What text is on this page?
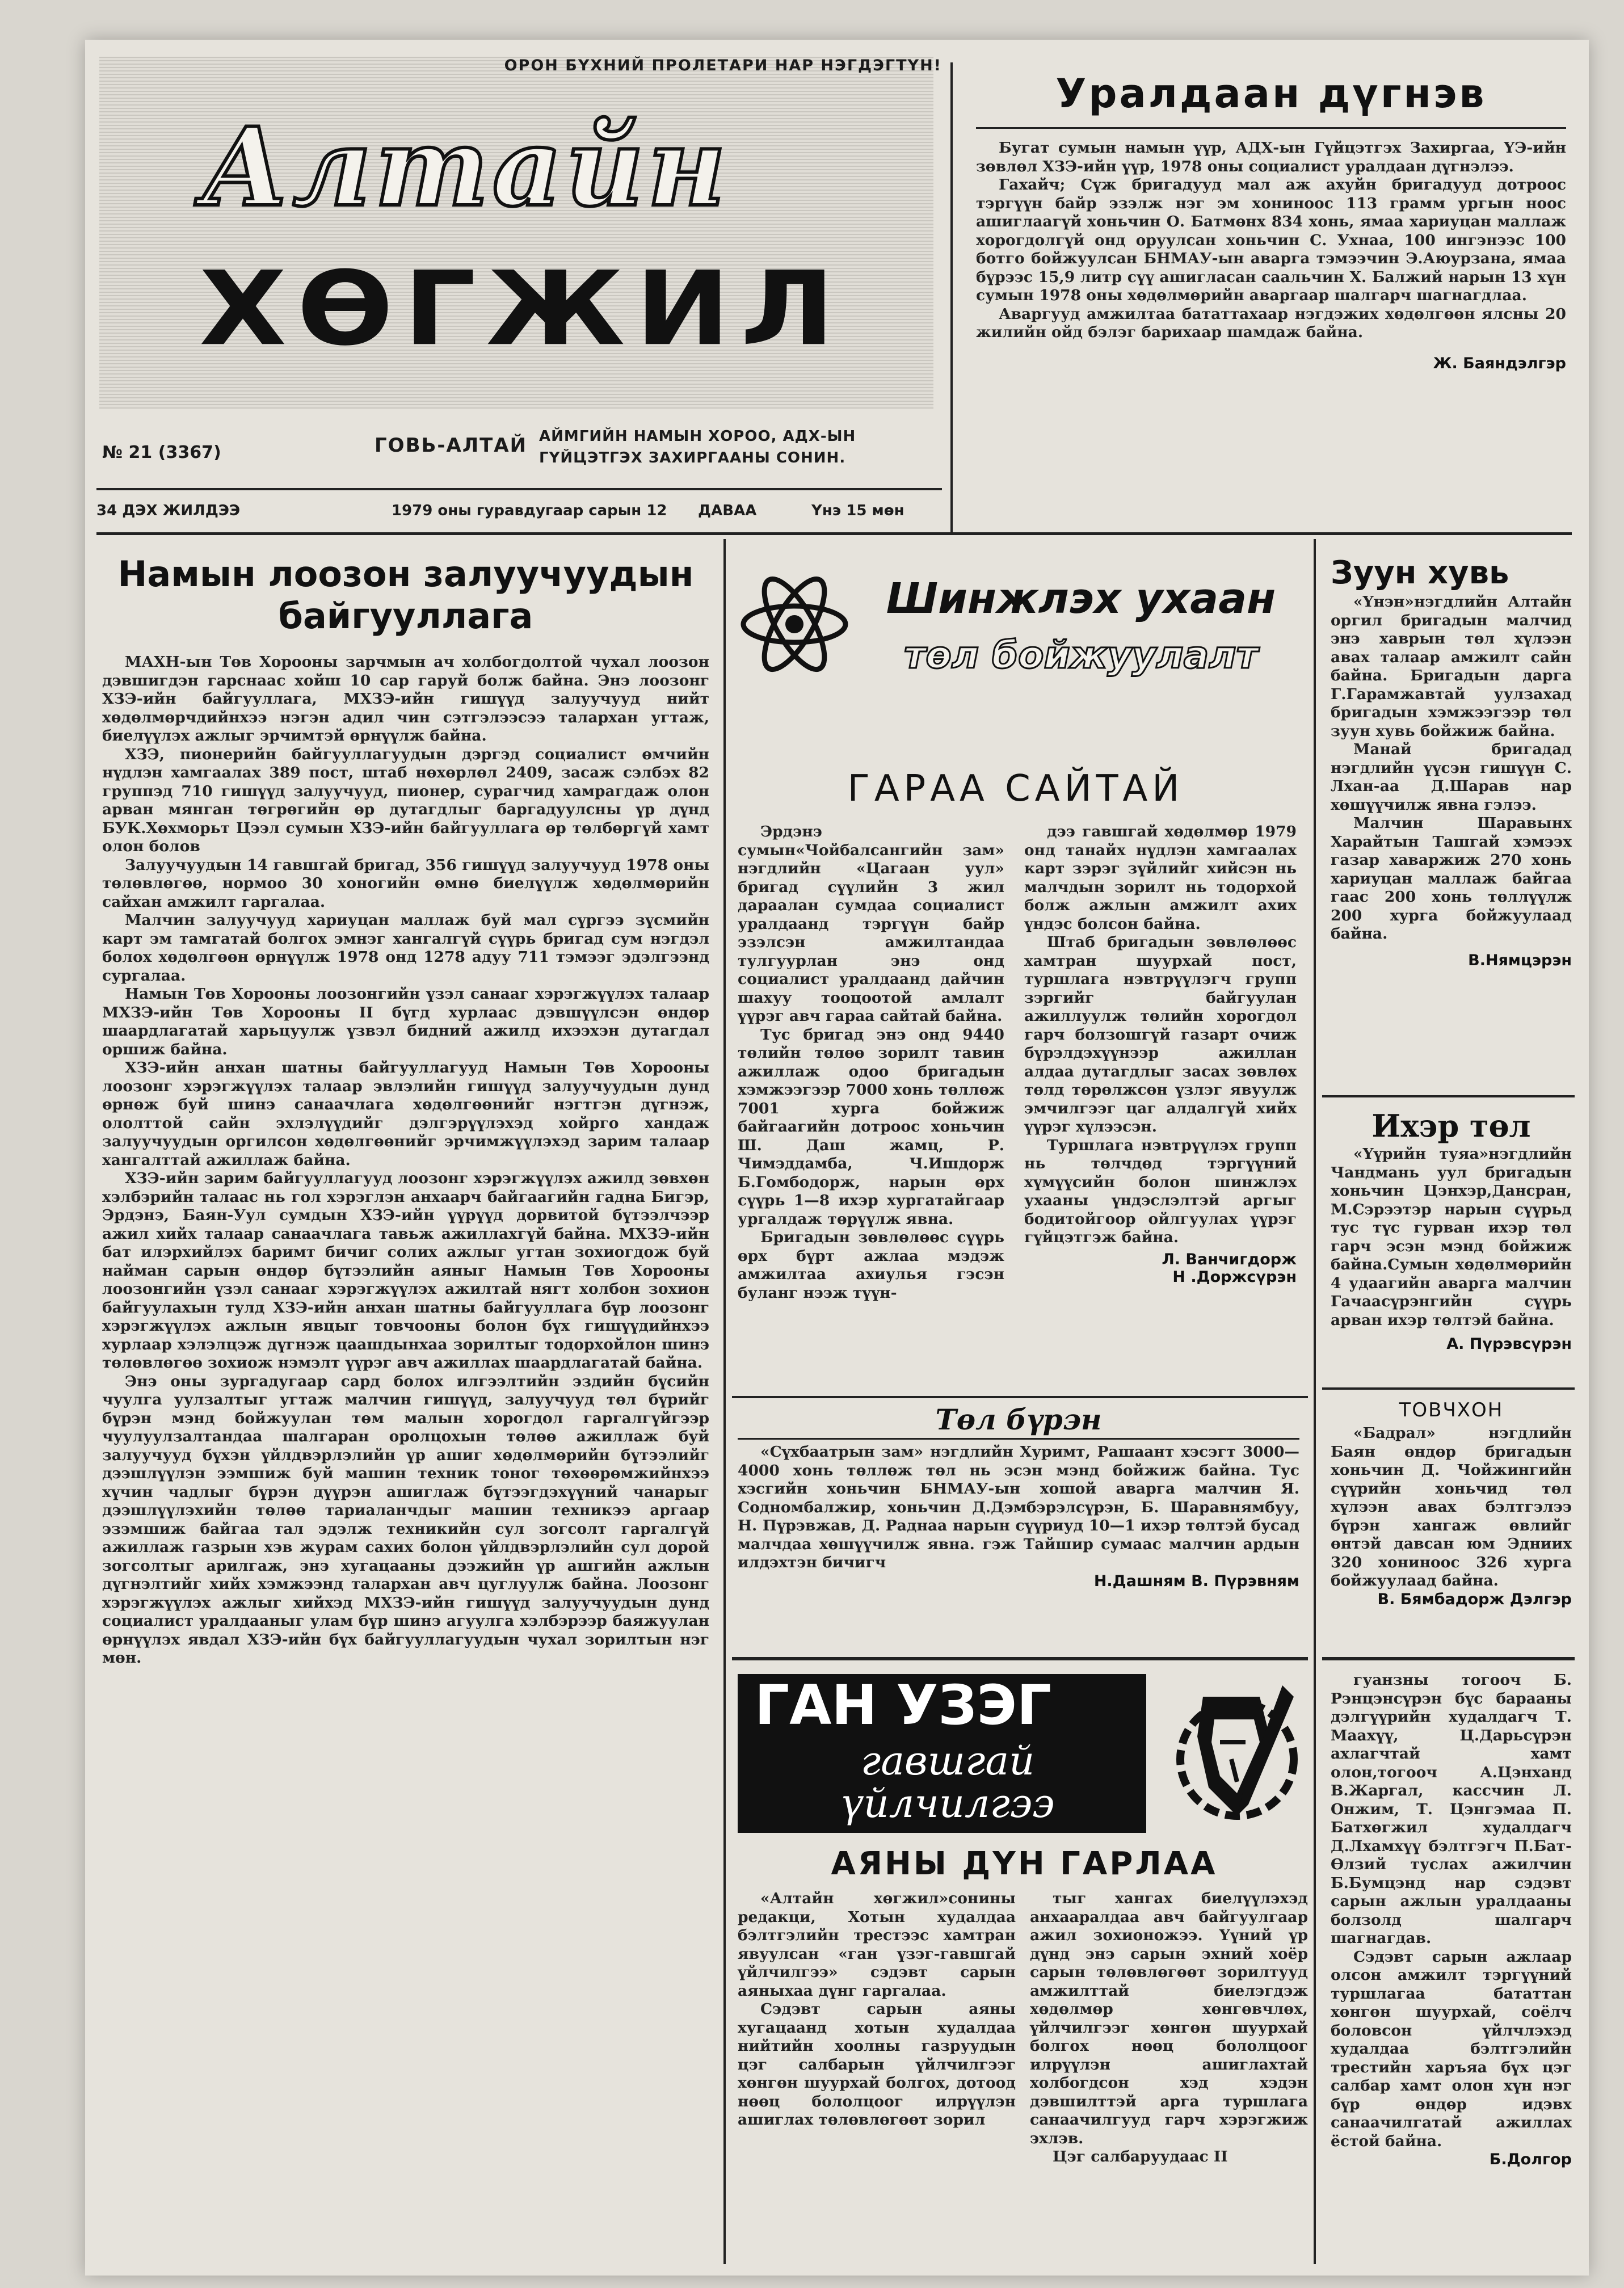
ОРОН БҮХНИЙ ПРОЛЕТАРИ НАР НЭГДЭГТҮН!
Алтайн
ХӨГЖИЛ
№ 21 (3367)	ГОВЬ-АЛТАЙ АЙМГИЙН НАМЫН ХОРОО, АДХ-ЫН
ГҮЙЦЭТГЭХ ЗАХИРГААНЫ СОНИН.
34 ДЭХ ЖИЛДЭЭ	1979 оны гуравдугаар сарын 12 ДАВАА	Үнэ 15 мөн
Уралдаан дүгнэв

Бугат сумын намын үүр, АДХ-ын Гүйцэтгэх Захиргаа, ҮЭ-ийн зөвлөл ХЗЭ-ийн үүр, 1978 оны социалист уралдаан дүгнэлээ.

Гахайч; Сүж бригадууд мал аж ахуйн бригадууд дотроос тэргүүн байр эзэлж нэг эм хониноос 113 грамм ургын ноос ашиглаагүй хоньчин О. Батмөнх 834 хонь, ямаа хариуцан маллаж хорогдолгүй онд оруулсан хоньчин С. Ухнаа, 100 ингэнээс 100 ботго бойжуулсан БНМАУ-ын аварга тэмээчин Э.Аюурзана, ямаа бүрээс 15,9 литр сүү ашигласан саальчин Х. Балжий нарын 13 хүн сумын 1978 оны хөдөлмөрийн аваргаар шалгарч шагнагдлаа.

Аваргууд амжилтаа бататтахаар нэгдэжих хөдөлгөөн ялсны 20 жилийн ойд бэлэг барихаар шамдаж байна.

Ж. Баяндэлгэр

Намын лоозон залуучуудын байгууллага

МАХН-ын Төв Хорооны зарчмын ач холбогдолтой чухал лоозон дэвшигдэн гарснаас хойш 10 сар гаруй болж байна. Энэ лоозонг ХЗЭ-ийн байгууллага, МХЗЭ-ийн гишүүд залуучууд нийт хөдөлмөрчдийнхээ нэгэн адил чин сэтгэлээсээ талархан угтаж, биелүүлэх ажлыг эрчимтэй өрнүүлж байна.

ХЗЭ, пионерийн байгууллагуудын дэргэд социалист өмчийн нүдлэн хамгаалах 389 пост, штаб нөхөрлөл 2409, засаж сэлбэх 82 группэд 710 гишүүд залуучууд, пионер, сурагчид хамрагдаж олон арван мянган төгрөгийн өр дутагдлыг баргадуулсны үр дүнд БУК.Хөхморьт Цээл сумын ХЗЭ-ийн байгууллага өр төлбөргүй хамт олон болов

Залуучуудын 14 гавшгай бригад, 356 гишүүд залуучууд 1978 оны төлөвлөгөө, нормоо 30 хоногийн өмнө биелүүлж хөдөлмөрийн сайхан амжилт гаргалаа.

Малчин залуучууд хариуцан маллаж буй мал сүргээ зүсмийн карт эм тамгатай болгох эмнэг хангалгүй сүүрь бригад сум нэгдэл болох хөдөлгөөн өрнүүлж 1978 онд 1278 адуу 711 тэмээг эдэлгээнд сургалаа.

Намын Төв Хорооны лоозонгийн үзэл санааг хэрэгжүүлэх талаар МХЗЭ-ийн Төв Хорооны II бүгд хурлаас дэвшүүлсэн өндөр шаардлагатай харьцуулж үзвэл бидний ажилд ихээхэн дутагдал оршиж байна.

ХЗЭ-ийн анхан шатны байгууллагууд Намын Төв Хорооны лоозонг хэрэгжүүлэх талаар эвлэлийн гишүүд залуучуудын дунд өрнөж буй шинэ санаачлага хөдөлгөөнийг нэгтгэн дүгнэж, ололттой сайн эхлэлүүдийг дэлгэрүүлэхэд хойрго хандаж залуучуудын оргилсон хөдөлгөөнийг эрчимжүүлэхэд зарим талаар хангалттай ажиллаж байна.

ХЗЭ-ийн зарим байгууллагууд лоозонг хэрэгжүүлэх ажилд зөвхөн хэлбэрийн талаас нь гол хэрэглэн анхаарч байгаагийн гадна Бигэр, Эрдэнэ, Баян-Уул сумдын ХЗЭ-ийн үүрүүд дорвитой бүтээлчээр ажил хийх талаар санаачлага тавьж ажиллахгүй байна. МХЗЭ-ийн бат илэрхийлэх баримт бичиг солих ажлыг угтан зохиогдож буй найман сарын өндөр бүтээлийн аяныг Намын Төв Хорооны лоозонгийн үзэл санааг хэрэгжүүлэх ажилтай нягт холбон зохион байгуулахын тулд ХЗЭ-ийн анхан шатны байгууллага бүр лоозонг хэрэгжүүлэх ажлын явцыг товчооны болон бүх гишүүдийнхээ хурлаар хэлэлцэж дүгнэж цаашдынхаа зорилтыг тодорхойлон шинэ төлөвлөгөө зохиож нэмэлт үүрэг авч ажиллах шаардлагатай байна.

Энэ оны зургадугаар сард болох илгээлтийн эздийн бүсийн чуулга уулзалтыг угтаж малчин гишүүд, залуучууд төл бүрийг бүрэн мэнд бойжуулан төм малын хорогдол гаргалгүйгээр чуулуулзалтандаа шалгаран оролцохын төлөө ажиллаж буй залуучууд бүхэн үйлдвэрлэлийн үр ашиг хөдөлмөрийн бүтээлийг дээшлүүлэн ээмшиж буй машин техник тоног төхөөрөмжийнхээ хүчин чадлыг бүрэн дүүрэн ашиглаж бүтээгдэхүүний чанарыг дээшлүүлэхийн төлөө тариаланчдыг машин техникээ аргаар эзэмшиж байгаа тал эдэлж техникийн сул зогсолт гаргалгүй ажиллаж газрын хэв журам сахих болон үйлдвэрлэлийн сул дорой зогсолтыг арилгаж, энэ хугацааны дээжийн үр ашгийн ажлын дүгнэлтийг хийх хэмжээнд талархан авч цуглуулж байна. Лоозонг хэрэгжүүлэх ажлыг хийхэд МХЗЭ-ийн гишүүд залуучуудын дунд социалист уралдааныг улам бүр шинэ агуулга хэлбэрээр баяжуулан өрнүүлэх явдал ХЗЭ-ийн бүх байгууллагуудын чухал зорилтын нэг мөн.

Шинжлэх ухаан
төл бойжуулалт
ГАРАА САЙТАЙ

Эрдэнэ сумын«Чойбалсангийн зам» нэгдлийн «Цагаан уул» бригад сүүлийн 3 жил дараалан сумдаа социалист уралдаанд тэргүүн байр эзэлсэн амжилтандаа тулгуурлан энэ онд социалист уралдаанд дайчин шахуу тооцоотой амлалт үүрэг авч гараа сайтай байна.

Тус бригад энэ онд 9440 төлийн төлөө зорилт тавин ажиллаж одоо бригадын хэмжээгээр 7000 хонь төллөж 7001 хурга бойжиж байгаагийн дотроос хоньчин Ш. Даш жамц, Р. Чимэддамба, Ч.Ишдорж Б.Гомбодорж, нарын өрх сүүрь 1—8 ихэр хургатайгаар ургалдаж төрүүлж явна.

Бригадын зөвлөлөөс сүүрь өрх бүрт ажлаа мэдэж амжилтаа ахиулья гэсэн буланг нээж түүн-

дээ гавшгай хөдөлмөр 1979 онд танайх нүдлэн хамгаалах карт зэрэг зүйлийг хийсэн нь малчдын зорилт нь тодорхой болж ажлын амжилт ахих үндэс болсон байна.

Штаб бригадын зөвлөлөөс хамтран шуурхай пост, туршлага нэвтрүүлэгч групп зэргийг байгуулан ажиллуулж төлийн хорогдол гарч болзошгүй газарт очиж бүрэлдэхүүнээр ажиллан алдаа дутагдлыг засах зөвлөх төлд төрөлжсөн үзлэг явуулж эмчилгээг цаг алдалгүй хийх үүрэг хүлээсэн.

Туршлага нэвтрүүлэх групп нь төлчдөд тэргүүний хүмүүсийн болон шинжлэх ухааны үндэслэлтэй аргыг бодитойгоор ойлгуулах үүрэг гүйцэтгэж байна.

Л. Ванчигдорж

Н .Доржсүрэн

Төл бүрэн

«Сүхбаатрын зам» нэгдлийн Хуримт, Рашаант хэсэгт 3000—4000 хонь төллөж төл нь эсэн мэнд бойжиж байна. Тус хэсгийн хоньчин БНМАУ-ын хошой аварга малчин Я. Содномбалжир, хоньчин Д.Дэмбэрэлсүрэн, Б. Шаравнямбуу, Н. Пүрэвжав, Д. Раднаа нарын сүүриуд 10—1 ихэр төлтэй бусад малчдаа хөшүүчилж явна. гэж Тайшир сумаас малчин ардын илдэхтэн бичигч

Н.Дашням В. Пүрэвням

ГАН УЗЭГ
гавшгай
үйлчилгээ
АЯНЫ ДҮН ГАРЛАА

«Алтайн хөгжил»сонины редакци, Хотын худалдаа бэлтгэлийн трестээс хамтран явуулсан «ган үзэг-гавшгай үйлчилгээ» сэдэвт сарын аяныхаа дүнг гаргалаа.

Сэдэвт сарын аяны хугацаанд хотын худалдаа нийтийн хоолны газруудын цэг салбарын үйлчилгээг хөнгөн шуурхай болгох, дотоод нөөц бололцоог илрүүлэн ашиглах төлөвлөгөөт зорил

тыг хангах биелүүлэхэд анхааралдаа авч байгуулгаар ажил зохионожээ. Үүний үр дүнд энэ сарын эхний хоёр сарын төлөвлөгөөт зорилтууд амжилттай биелэгдэж хөдөлмөр хөнгөвчлөх, үйлчилгээг хөнгөн шуурхай болгох нөөц бололцоог илрүүлэн ашиглахтай холбогдсон хэд хэдэн дэвшилттэй арга туршлага санаачилгууд гарч хэрэгжиж эхлэв.

Цэг салбаруудаас II

Зуун хувь

«Үнэн»нэгдлийн Алтайн оргил бригадын малчид энэ хаврын төл хүлээн авах талаар амжилт сайн байна. Бригадын дарга Г.Гарамжавтай уулзахад бригадын хэмжээгээр төл зуун хувь бойжиж байна.

Манай бригадад нэгдлийн үүсэн гишүүн С. Лхан-аа Д.Шарав нар хөшүүчилж явна гэлээ.

Малчин Шаравынх Харайтын Ташгай хэмээх газар хаваржиж 270 хонь хариуцан маллаж байгаа гаас 200 хонь төллүүлж 200 хурга бойжуулаад байна.

В.Нямцэрэн

Ихэр төл

«Үүрийн туяа»нэгдлийн Чандмань уул бригадын хоньчин Цэнхэр,Дансран, М.Сэрээтэр нарын сүүрьд тус түс гурван ихэр төл гарч эсэн мэнд бойжиж байна.Сумын хөдөлмөрийн 4 удаагийн аварга малчин Гачаасүрэнгийн сүүрь арван ихэр төлтэй байна.

А. Пүрэвсүрэн

ТОВЧХОН

«Бадрал» нэгдлийн Баян өндөр бригадын хоньчин Д. Чойжингийн сүүрийн хоньчид төл хүлээн авах бэлтгэлээ бүрэн хангаж өвлийг өнтэй давсан юм Эдниих 320 хониноос 326 хурга бойжуулаад байна.

В. Бямбадорж Дэлгэр

гуанзны тогооч Б. Рэнцэнсүрэн бүс барааны дэлгүүрийн худалдагч Т. Маахүү, Ц.Дарьсүрэн ахлагчтай хамт олон,тогооч А.Цэнханд В.Жаргал, кассчин Л. Онжим, Т. Цэнгэмаа П. Батхөгжил худалдагч Д.Лхамхүү бэлтгэгч П.Бат-Өлзий туслах ажилчин Б.Бумцэнд нар сэдэвт сарын ажлын уралдааны болзолд шалгарч шагнагдав.

Сэдэвт сарын ажлаар олсон амжилт тэргүүний туршлагаа бататтан хөнгөн шуурхай, соёлч боловсон үйлчлэхэд худалдаа бэлтгэлийн трестийн харъяа бүх цэг салбар хамт олон хүн нэг бүр өндөр идэвх санаачилгатай ажиллах ёстой байна.

Б.Долгор
